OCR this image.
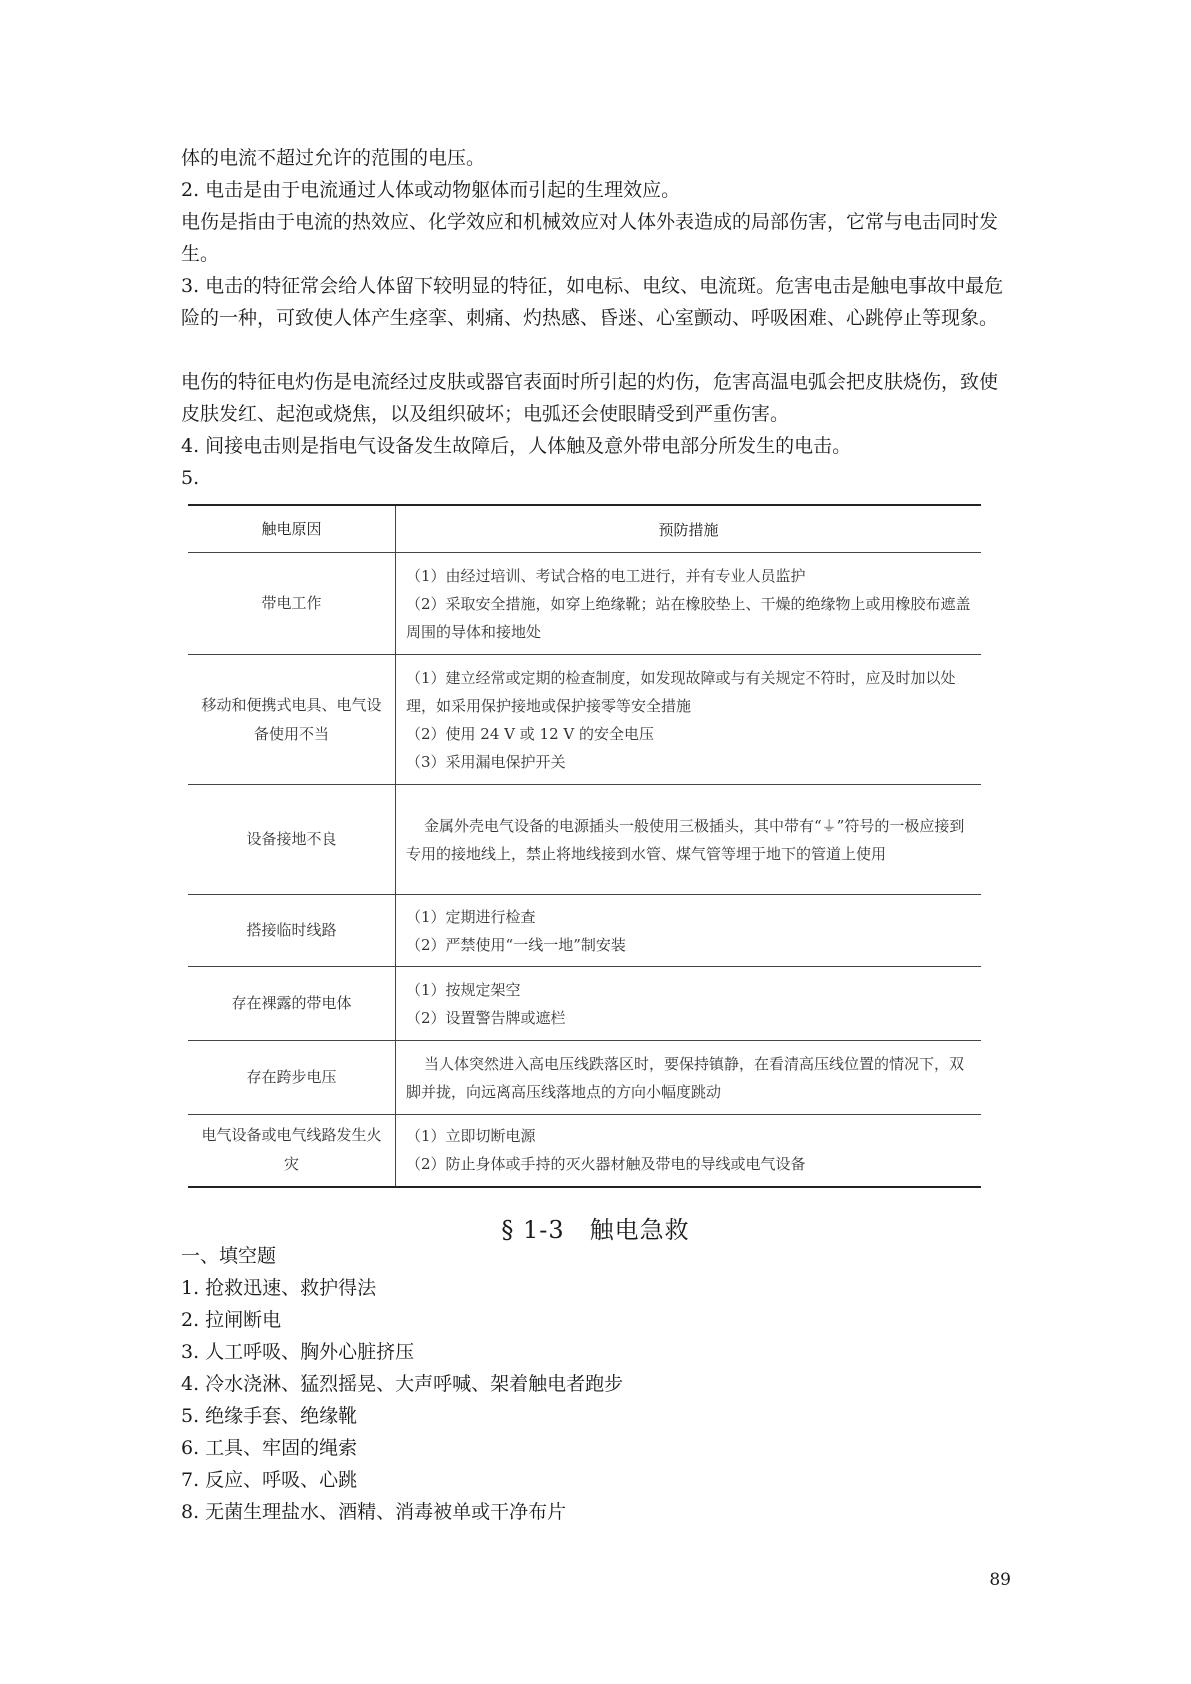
体的电流不超过允许的范围的电压。

2. 电击是由于电流通过人体或动物躯体而引起的生理效应。

电伤是指由于电流的热效应、化学效应和机械效应对人体外表造成的局部伤害，它常与电击同时发生。

3. 电击的特征常会给人体留下较明显的特征，如电标、电纹、电流斑。危害电击是触电事故中最危险的一种，可致使人体产生痉挛、刺痛、灼热感、昏迷、心室颤动、呼吸困难、心跳停止等现象。

电伤的特征电灼伤是电流经过皮肤或器官表面时所引起的灼伤，危害高温电弧会把皮肤烧伤，致使皮肤发红、起泡或烧焦，以及组织破坏；电弧还会使眼睛受到严重伤害。

4. 间接电击则是指电气设备发生故障后，人体触及意外带电部分所发生的电击。

5.

触电原因	预防措施
带电工作	（1）由经过培训、考试合格的电工进行，并有专业人员监护
（2）采取安全措施，如穿上绝缘靴；站在橡胶垫上、干燥的绝缘物上或用橡胶布遮盖周围的导体和接地处

移动和便携式电具、电气设备使用不当	（1）建立经常或定期的检查制度，如发现故障或与有关规定不符时，应及时加以处理，如采用保护接地或保护接零等安全措施
（2）使用 24 V 或 12 V 的安全电压
（3）采用漏电保护开关

设备接地不良	金属外壳电气设备的电源插头一般使用三极插头，其中带有“⏚”符号的一极应接到专用的接地线上，禁止将地线接到水管、煤气管等埋于地下的管道上使用

搭接临时线路	（1）定期进行检查
（2）严禁使用“一线一地”制安装

存在裸露的带电体	（1）按规定架空
（2）设置警告牌或遮栏

存在跨步电压	当人体突然进入高电压线跌落区时，要保持镇静，在看清高压线位置的情况下，双脚并拢，向远离高压线落地点的方向小幅度跳动

电气设备或电气线路发生火灾	（1）立即切断电源
（2）防止身体或手持的灭火器材触及带电的导线或电气设备
§ 1-3　触电急救

一、填空题

1. 抢救迅速、救护得法

2. 拉闸断电

3. 人工呼吸、胸外心脏挤压

4. 冷水浇淋、猛烈摇晃、大声呼喊、架着触电者跑步

5. 绝缘手套、绝缘靴

6. 工具、牢固的绳索

7. 反应、呼吸、心跳

8. 无菌生理盐水、酒精、消毒被单或干净布片

89
